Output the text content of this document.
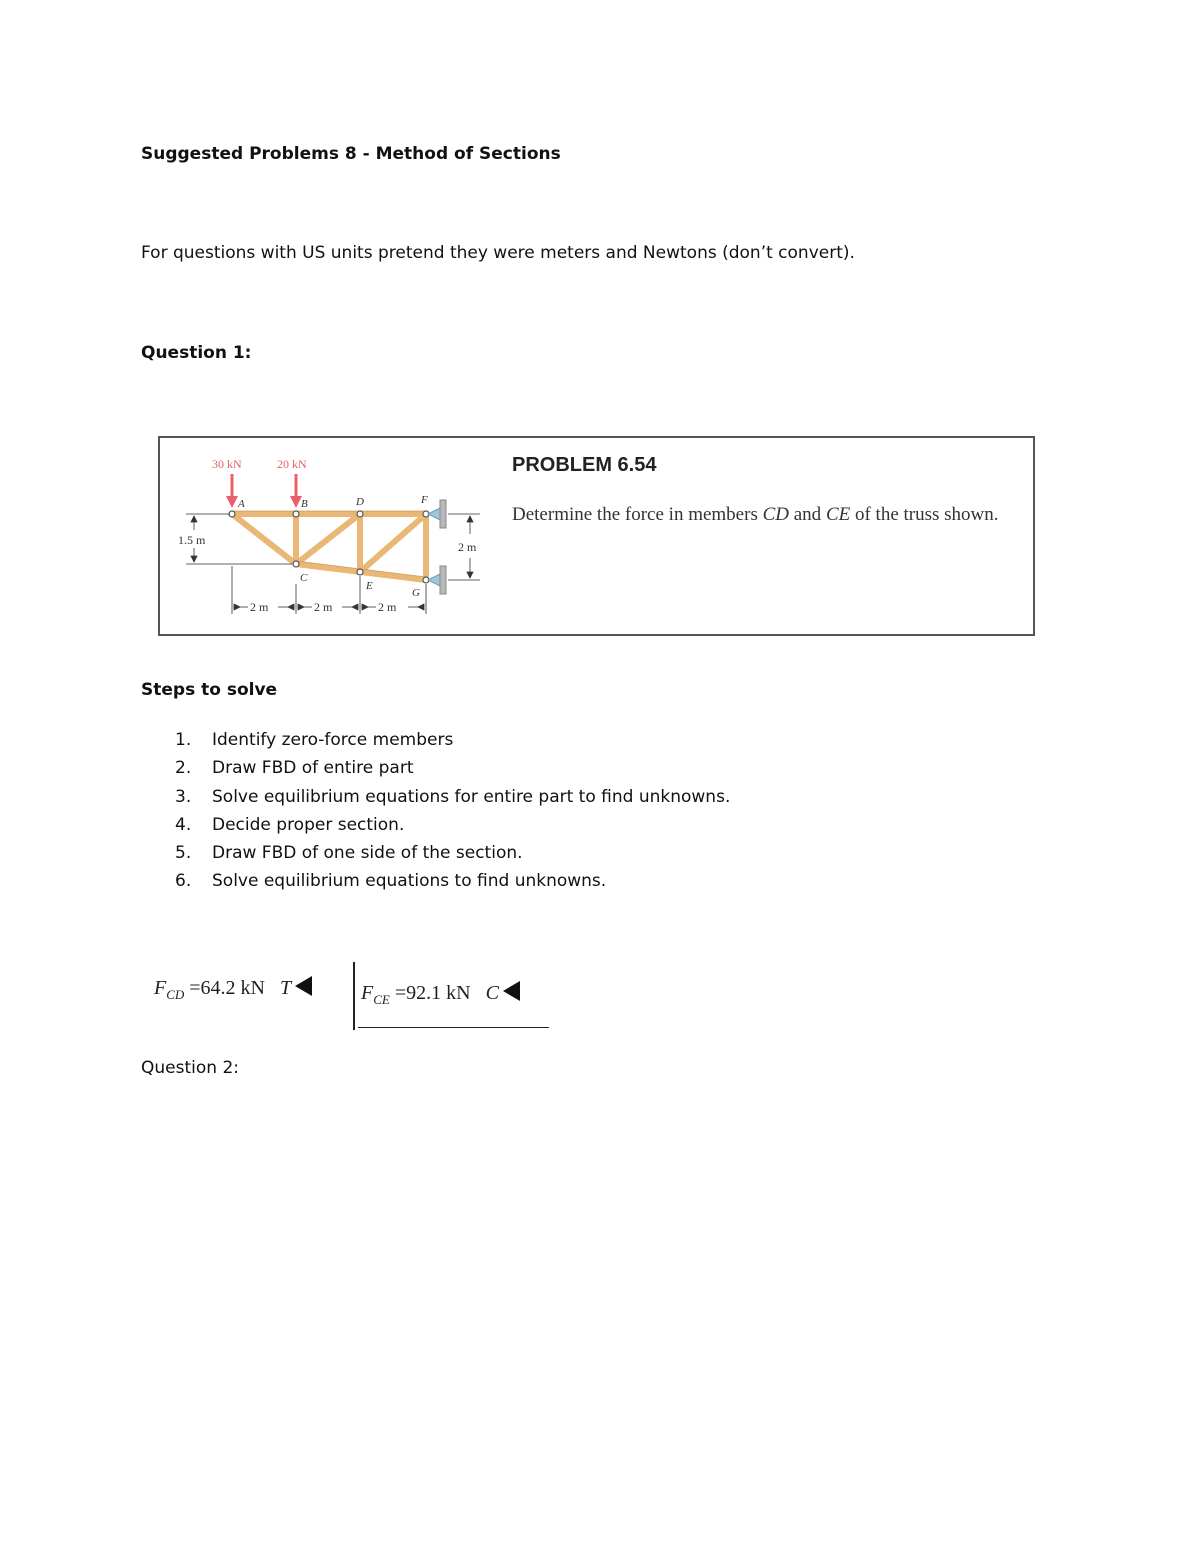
Suggested Problems 8 - Method of Sections
For questions with US units pretend they were meters and Newtons (don’t convert).
Question 1:
30 kN	20 kN
A	B
C
D
E
F
G
1.5 m	2 m
2 m	2 m	2 m
PROBLEM 6.54
Determine the force in members CD and CE of the truss shown.
Steps to solve
1.	Identify zero-force members
2.	Draw FBD of entire part
3.	Solve equilibrium equations for entire part to find unknowns.
4.	Decide proper section.
5.	Draw FBD of one side of the section.
6.	Solve equilibrium equations to find unknowns.
$F_{CD} =64.2$ kN T	$F_{CE} =92.1$ kN C
Question 2:
